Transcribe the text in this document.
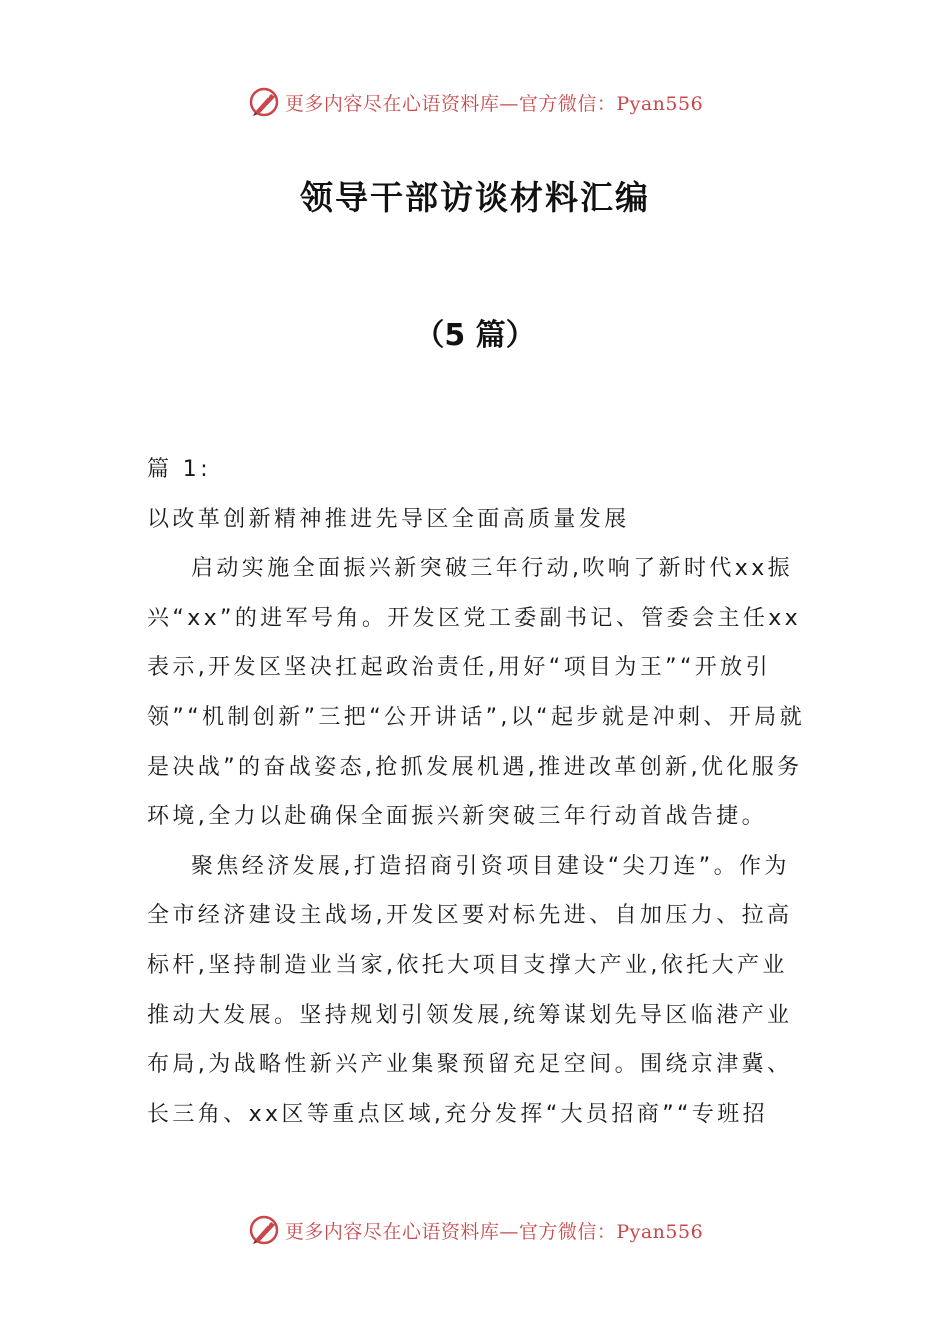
更多内容尽在心语资料库—官方微信：Pyan556
领导干部访谈材料汇编
（5 篇）

篇 1:

以改革创新精神推进先导区全面高质量发展

启动实施全面振兴新突破三年行动,吹响了新时代xx振兴“xx”的进军号角。开发区党工委副书记、管委会主任xx表示,开发区坚决扛起政治责任,用好“项目为王”“开放引领”“机制创新”三把“公开讲话”,以“起步就是冲刺、开局就是决战”的奋战姿态,抢抓发展机遇,推进改革创新,优化服务环境,全力以赴确保全面振兴新突破三年行动首战告捷。

聚焦经济发展,打造招商引资项目建设“尖刀连”。作为全市经济建设主战场,开发区要对标先进、自加压力、拉高标杆,坚持制造业当家,依托大项目支撑大产业,依托大产业推动大发展。坚持规划引领发展,统筹谋划先导区临港产业布局,为战略性新兴产业集聚预留充足空间。围绕京津冀、长三角、xx区等重点区域,充分发挥“大员招商”“专班招

更多内容尽在心语资料库—官方微信：Pyan556
